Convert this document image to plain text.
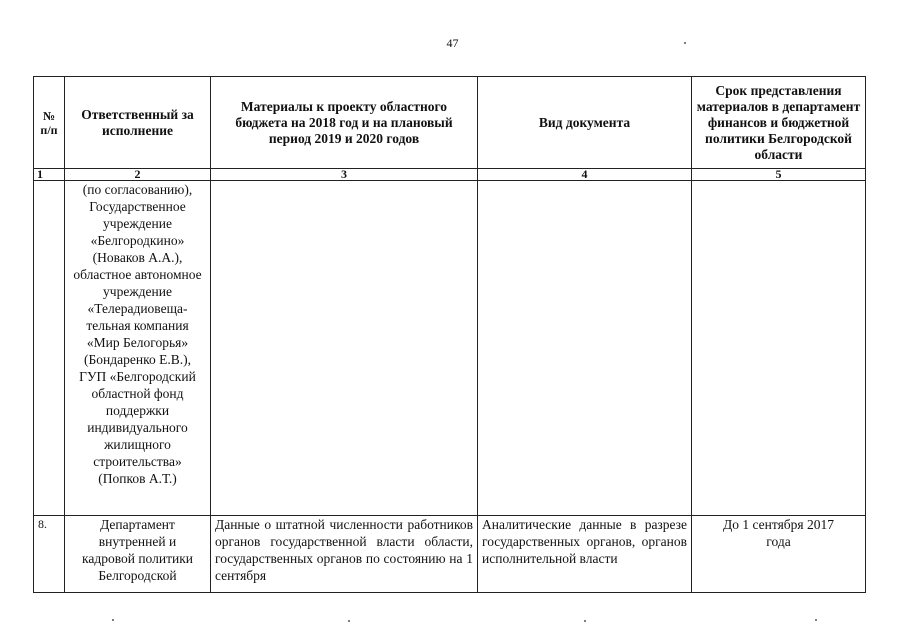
47
№ п/п	Ответственный за исполнение	Материалы к проекту областного бюджета на 2018 год и на плановый период 2019 и 2020 годов	Вид документа	Срок представления материалов в департамент финансов и бюджетной политики Белгородской области
1	2	3	4	5
	(по согласованию), Государственное учреждение «Белгородкино» (Новаков А.А.), областное автономное учреждение «Телерадиовеща-тельная компания «Мир Белогорья» (Бондаренко Е.В.), ГУП «Белгородский областной фонд поддержки индивидуального жилищного строительства» (Попков А.Т.)			
8.	Департамент внутренней и кадровой политики Белгородской	Данные о штатной численности работников органов государственной власти области, государственных органов по состоянию на 1 сентября	Аналитические данные в разрезе государственных органов, органов исполнительной власти	До 1 сентября 2017 года
